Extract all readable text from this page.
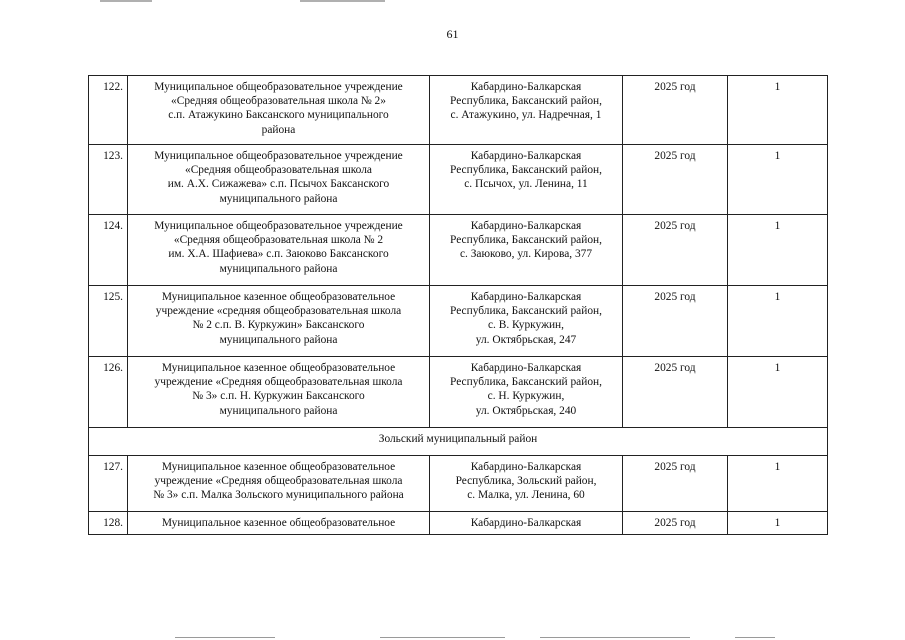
61
122.	Муниципальное общеобразовательное учреждение
«Средняя общеобразовательная школа № 2»
с.п. Атажукино Баксанского муниципального
района	Кабардино-Балкарская
Республика, Баксанский район,
с. Атажукино, ул. Надречная, 1	2025 год	1
123.	Муниципальное общеобразовательное учреждение
«Средняя общеобразовательная школа
им. А.Х. Сижажева» с.п. Псычох Баксанского
муниципального района	Кабардино-Балкарская
Республика, Баксанский район,
с. Псычох, ул. Ленина, 11	2025 год	1
124.	Муниципальное общеобразовательное учреждение
«Средняя общеобразовательная школа № 2
им. Х.А. Шафиева» с.п. Заюково Баксанского
муниципального района	Кабардино-Балкарская
Республика, Баксанский район,
с. Заюково, ул. Кирова, 377	2025 год	1
125.	Муниципальное казенное общеобразовательное
учреждение «средняя общеобразовательная школа
№ 2 с.п. В. Куркужин» Баксанского
муниципального района	Кабардино-Балкарская
Республика, Баксанский район,
с. В. Куркужин,
ул. Октябрьская, 247	2025 год	1
126.	Муниципальное казенное общеобразовательное
учреждение «Средняя общеобразовательная школа
№ 3» с.п. Н. Куркужин Баксанского
муниципального района	Кабардино-Балкарская
Республика, Баксанский район,
с. Н. Куркужин,
ул. Октябрьская, 240	2025 год	1
Зольский муниципальный район				
127.	Муниципальное казенное общеобразовательное
учреждение «Средняя общеобразовательная школа
№ 3» с.п. Малка Зольского муниципального района	Кабардино-Балкарская
Республика, Зольский район,
с. Малка, ул. Ленина, 60	2025 год	1
128.	Муниципальное казенное общеобразовательное	Кабардино-Балкарская	2025 год	1
